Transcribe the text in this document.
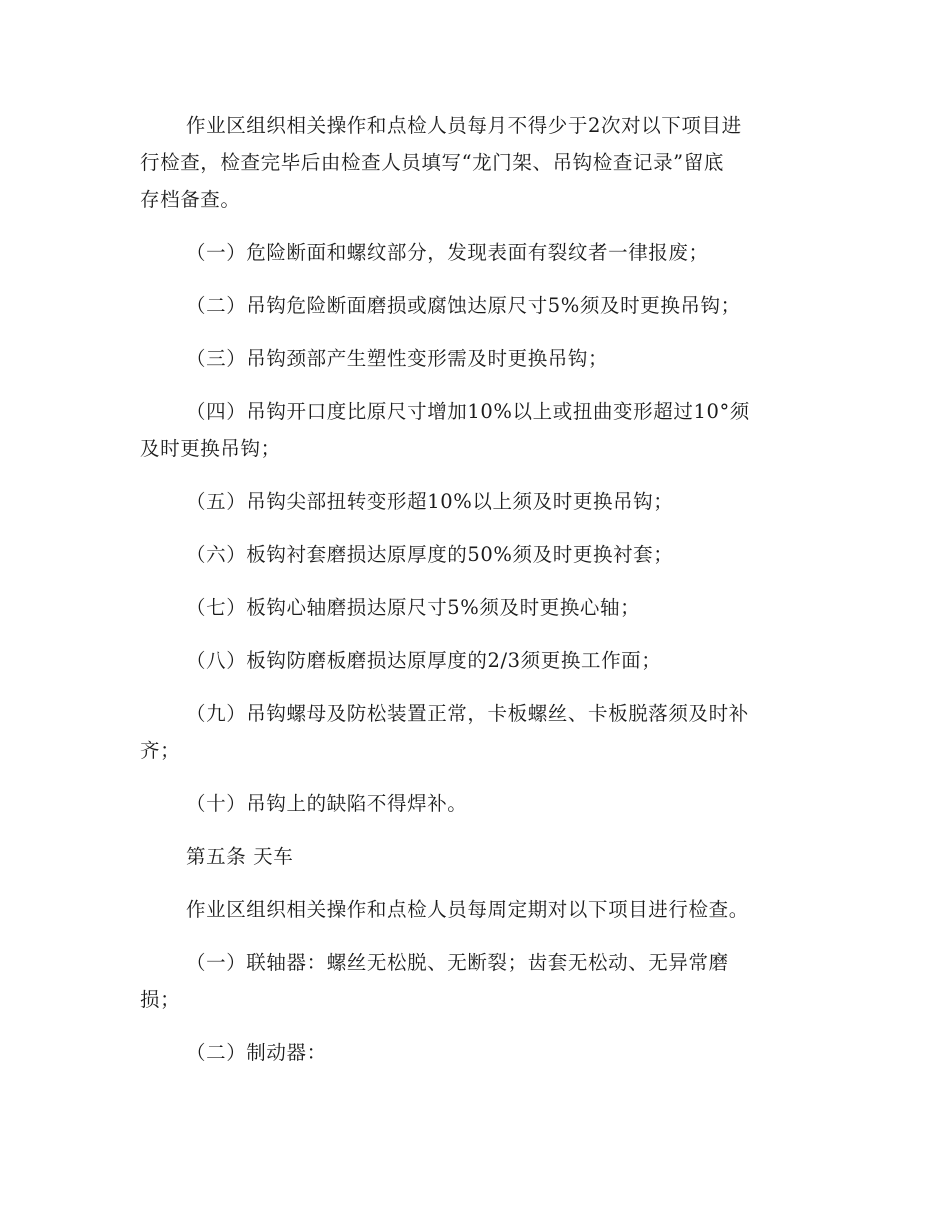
作业区组织相关操作和点检人员每月不得少于2次对以下项目进
行检查，检查完毕后由检查人员填写“龙门架、吊钩检查记录”留底
存档备查。
（一）危险断面和螺纹部分，发现表面有裂纹者一律报废；
（二）吊钩危险断面磨损或腐蚀达原尺寸5%须及时更换吊钩；
（三）吊钩颈部产生塑性变形需及时更换吊钩；
（四）吊钩开口度比原尺寸增加10%以上或扭曲变形超过10°须
及时更换吊钩；
（五）吊钩尖部扭转变形超10%以上须及时更换吊钩；
（六）板钩衬套磨损达原厚度的50%须及时更换衬套；
（七）板钩心轴磨损达原尺寸5%须及时更换心轴；
（八）板钩防磨板磨损达原厚度的2/3须更换工作面；
（九）吊钩螺母及防松装置正常，卡板螺丝、卡板脱落须及时补
齐；
（十）吊钩上的缺陷不得焊补。
第五条 天车
作业区组织相关操作和点检人员每周定期对以下项目进行检查。
（一）联轴器：螺丝无松脱、无断裂；齿套无松动、无异常磨
损；
（二）制动器：
